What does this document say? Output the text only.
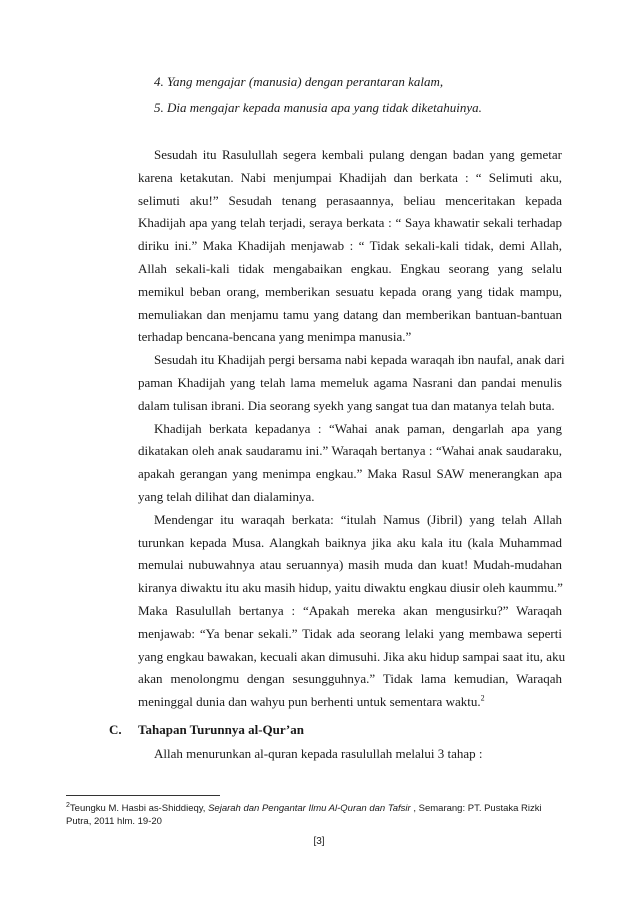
4. Yang mengajar (manusia) dengan perantaran kalam,
5. Dia mengajar kepada manusia apa yang tidak diketahuinya.
Sesudah itu Rasulullah segera kembali pulang dengan badan yang gemetar
karena ketakutan. Nabi menjumpai Khadijah dan berkata : “ Selimuti aku,
selimuti aku!” Sesudah tenang perasaannya, beliau menceritakan kepada
Khadijah apa yang telah terjadi, seraya berkata : “ Saya khawatir sekali terhadap
diriku ini.” Maka Khadijah menjawab : “ Tidak sekali-kali tidak, demi Allah,
Allah sekali-kali tidak mengabaikan engkau. Engkau seorang yang selalu
memikul beban orang, memberikan sesuatu kepada orang yang tidak mampu,
memuliakan dan menjamu tamu yang datang dan memberikan bantuan-bantuan
terhadap bencana-bencana yang menimpa manusia.”
Sesudah itu Khadijah pergi bersama nabi kepada waraqah ibn naufal, anak dari
paman Khadijah yang telah lama memeluk agama Nasrani dan pandai menulis
dalam tulisan ibrani. Dia seorang syekh yang sangat tua dan matanya telah buta.
Khadijah berkata kepadanya : “Wahai anak paman, dengarlah apa yang
dikatakan oleh anak saudaramu ini.” Waraqah bertanya : “Wahai anak saudaraku,
apakah gerangan yang menimpa engkau.” Maka Rasul SAW menerangkan apa
yang telah dilihat dan dialaminya.
Mendengar itu waraqah berkata: “itulah Namus (Jibril) yang telah Allah
turunkan kepada Musa. Alangkah baiknya jika aku kala itu (kala Muhammad
memulai nubuwahnya atau seruannya) masih muda dan kuat! Mudah-mudahan
kiranya diwaktu itu aku masih hidup, yaitu diwaktu engkau diusir oleh kaummu.”
Maka Rasulullah bertanya : “Apakah mereka akan mengusirku?” Waraqah
menjawab: “Ya benar sekali.” Tidak ada seorang lelaki yang membawa seperti
yang engkau bawakan, kecuali akan dimusuhi. Jika aku hidup sampai saat itu, aku
akan menolongmu dengan sesungguhnya.” Tidak lama kemudian, Waraqah
meninggal dunia dan wahyu pun berhenti untuk sementara waktu.$^2$
C. Tahapan Turunnya al-Qur’an
Allah menurunkan al-quran kepada rasulullah melalui 3 tahap :
$^2$Teungku M. Hasbi as-Shiddieqy, Sejarah dan Pengantar Ilmu Al-Quran dan Tafsir , Semarang: PT. Pustaka Rizki
Putra, 2011 hlm. 19-20
[3]
